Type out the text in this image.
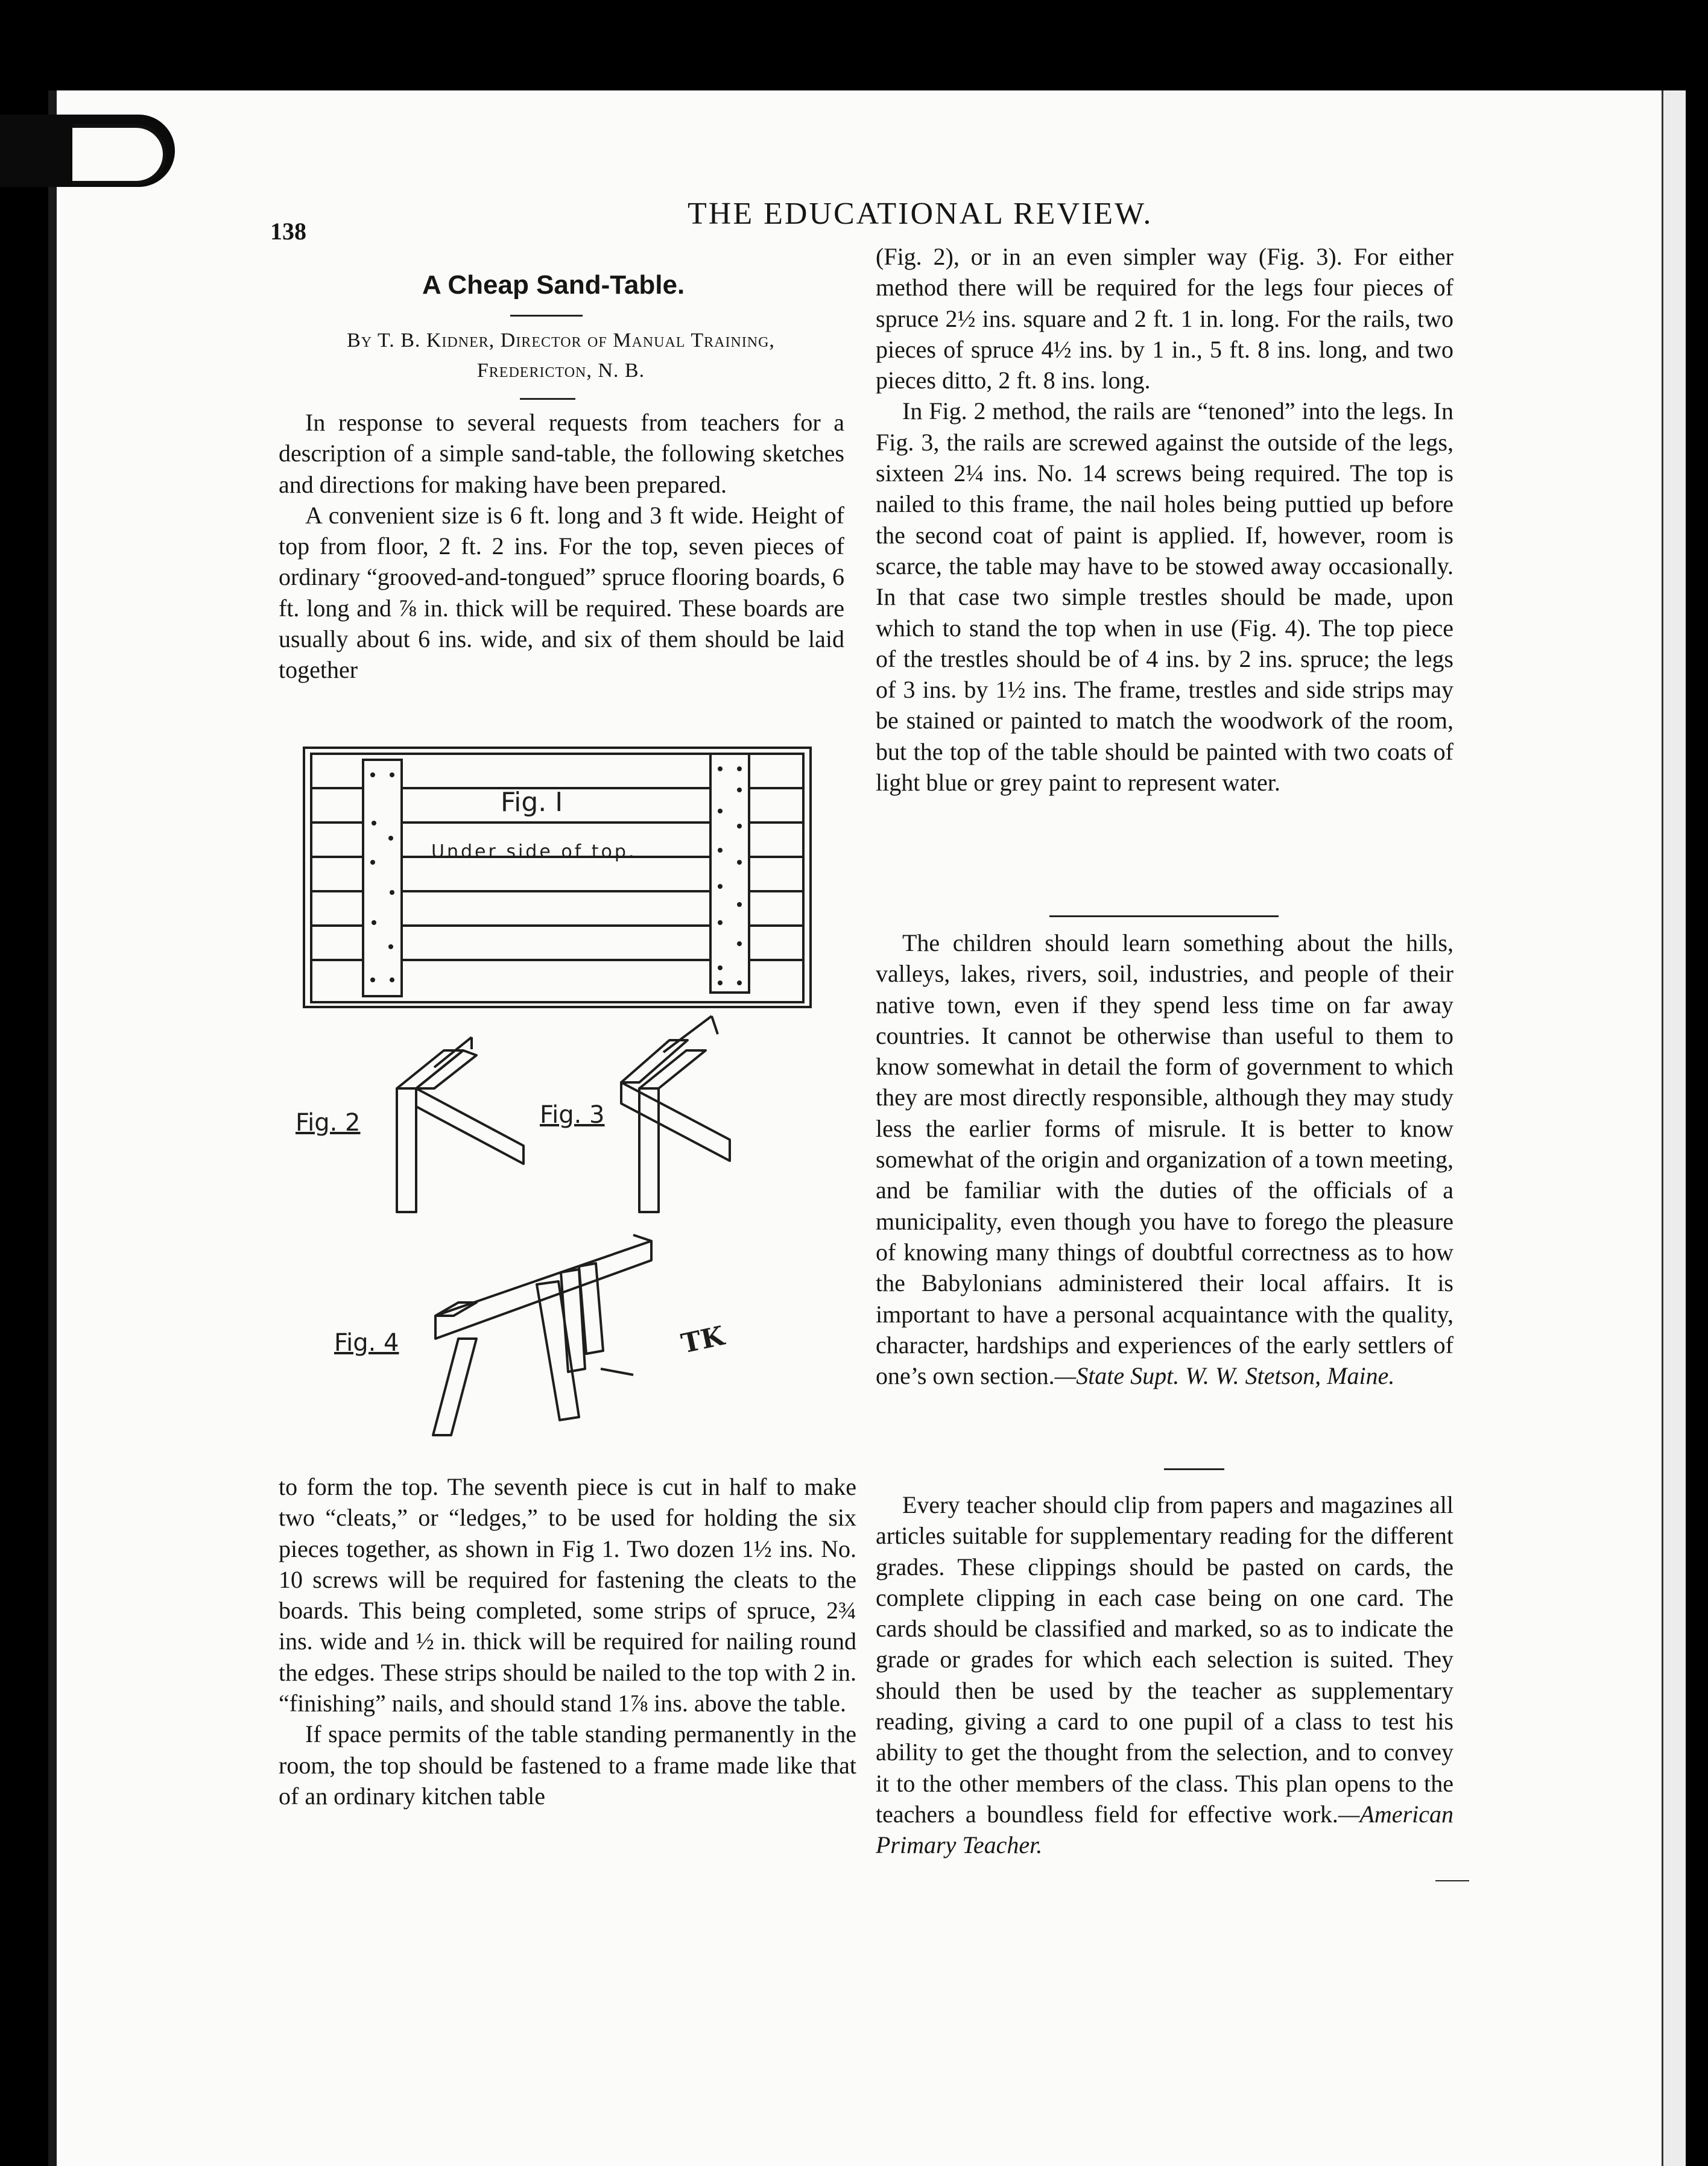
138
THE EDUCATIONAL REVIEW.
A Cheap Sand-Table.
By T. B. Kidner, Director of Manual Training,
Fredericton, N. B.

In response to several requests from teachers for a description of a simple sand-table, the following sketches and directions for making have been prepared.

A convenient size is 6 ft. long and 3 ft wide. Height of top from floor, 2 ft. 2 ins. For the top, seven pieces of ordinary “grooved-and-tongued” spruce flooring boards, 6 ft. long and ⅞ in. thick will be required. These boards are usually about 6 ins. wide, and six of them should be laid together

Fig. I
Under side of top.
Fig. 2	Fig. 3
Fig. 4	TK

to form the top. The seventh piece is cut in half to make two “cleats,” or “ledges,” to be used for holding the six pieces together, as shown in Fig 1. Two dozen 1½ ins. No. 10 screws will be required for fastening the cleats to the boards. This being completed, some strips of spruce, 2¾ ins. wide and ½ in. thick will be required for nailing round the edges. These strips should be nailed to the top with 2 in. “finishing” nails, and should stand 1⅞ ins. above the table.

If space permits of the table standing permanently in the room, the top should be fastened to a frame made like that of an ordinary kitchen table

(Fig. 2), or in an even simpler way (Fig. 3). For either method there will be required for the legs four pieces of spruce 2½ ins. square and 2 ft. 1 in. long. For the rails, two pieces of spruce 4½ ins. by 1 in., 5 ft. 8 ins. long, and two pieces ditto, 2 ft. 8 ins. long.

In Fig. 2 method, the rails are “tenoned” into the legs. In Fig. 3, the rails are screwed against the outside of the legs, sixteen 2¼ ins. No. 14 screws being required. The top is nailed to this frame, the nail holes being puttied up before the second coat of paint is applied. If, however, room is scarce, the table may have to be stowed away occasionally. In that case two simple trestles should be made, upon which to stand the top when in use (Fig. 4). The top piece of the trestles should be of 4 ins. by 2 ins. spruce; the legs of 3 ins. by 1½ ins. The frame, trestles and side strips may be stained or painted to match the woodwork of the room, but the top of the table should be painted with two coats of light blue or grey paint to represent water.

The children should learn something about the hills, valleys, lakes, rivers, soil, industries, and people of their native town, even if they spend less time on far away countries. It cannot be otherwise than useful to them to know somewhat in detail the form of government to which they are most directly responsible, although they may study less the earlier forms of misrule. It is better to know somewhat of the origin and organization of a town meeting, and be familiar with the duties of the officials of a municipality, even though you have to forego the pleasure of knowing many things of doubtful correctness as to how the Babylonians administered their local affairs. It is important to have a personal acquaintance with the quality, character, hardships and experiences of the early settlers of one’s own section.—State Supt. W. W. Stetson, Maine.

Every teacher should clip from papers and magazines all articles suitable for supplementary reading for the different grades. These clippings should be pasted on cards, the complete clipping in each case being on one card. The cards should be classified and marked, so as to indicate the grade or grades for which each selection is suited. They should then be used by the teacher as supplementary reading, giving a card to one pupil of a class to test his ability to get the thought from the selection, and to convey it to the other members of the class. This plan opens to the teachers a boundless field for effective work.—American Primary Teacher.
